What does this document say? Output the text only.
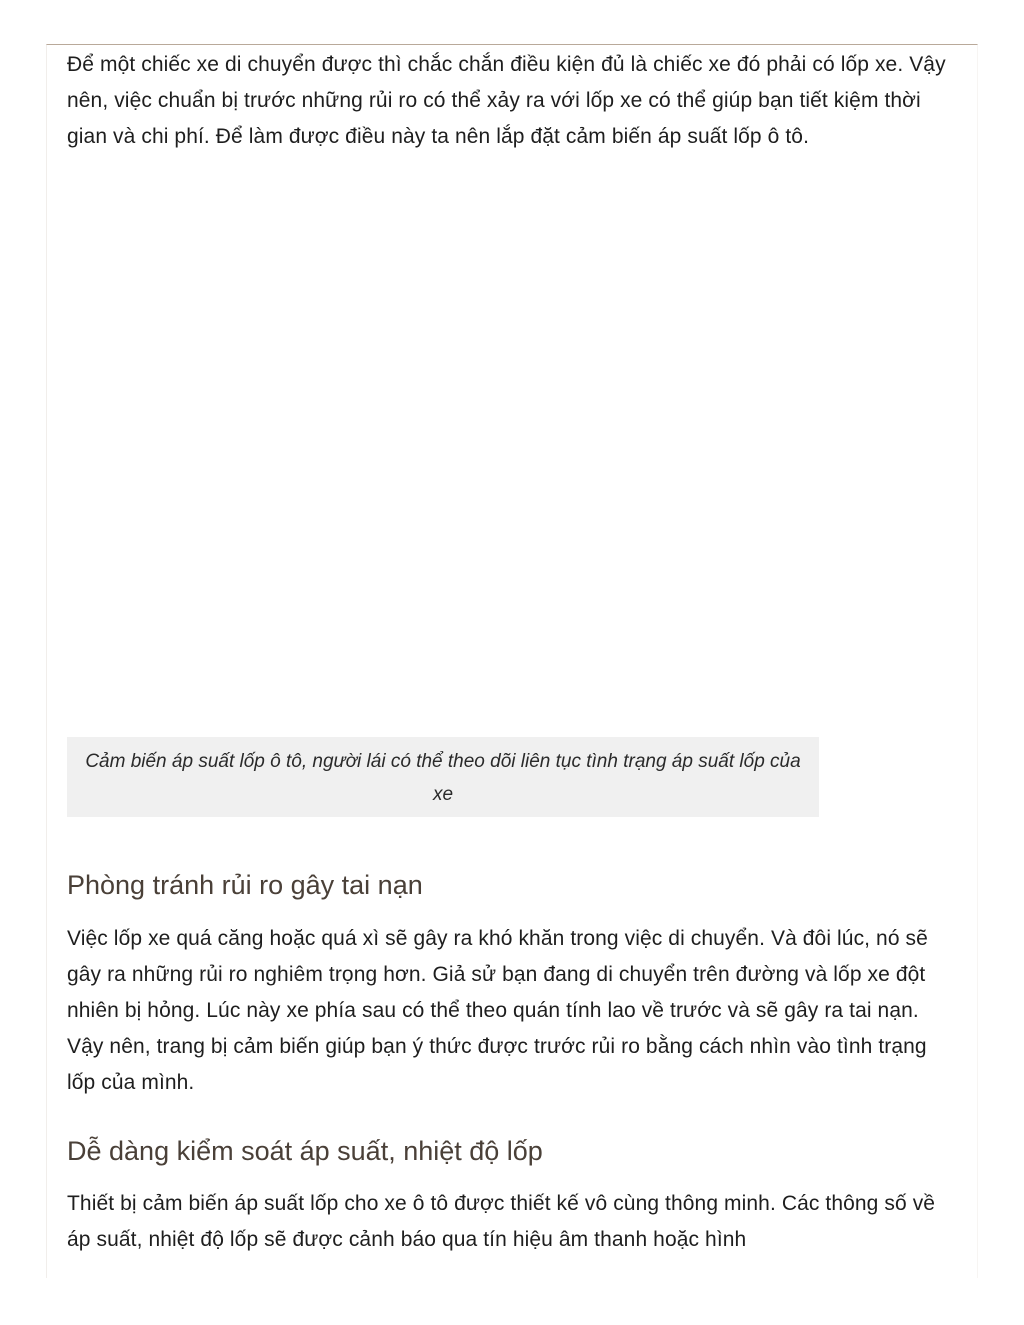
Để một chiếc xe di chuyển được thì chắc chắn điều kiện đủ là chiếc xe đó phải có lốp xe. Vậy nên, việc chuẩn bị trước những rủi ro có thể xảy ra với lốp xe có thể giúp bạn tiết kiệm thời gian và chi phí. Để làm được điều này ta nên lắp đặt cảm biến áp suất lốp ô tô.

Cảm biến áp suất lốp ô tô, người lái có thể theo dõi liên tục tình trạng áp suất lốp của xe
Phòng tránh rủi ro gây tai nạn

Việc lốp xe quá căng hoặc quá xì sẽ gây ra khó khăn trong việc di chuyển. Và đôi lúc, nó sẽ gây ra những rủi ro nghiêm trọng hơn. Giả sử bạn đang di chuyển trên đường và lốp xe đột nhiên bị hỏng. Lúc này xe phía sau có thể theo quán tính lao về trước và sẽ gây ra tai nạn. Vậy nên, trang bị cảm biến giúp bạn ý thức được trước rủi ro bằng cách nhìn vào tình trạng lốp của mình.

Dễ dàng kiểm soát áp suất, nhiệt độ lốp

Thiết bị cảm biến áp suất lốp cho xe ô tô được thiết kế vô cùng thông minh. Các thông số về áp suất, nhiệt độ lốp sẽ được cảnh báo qua tín hiệu âm thanh hoặc hình
